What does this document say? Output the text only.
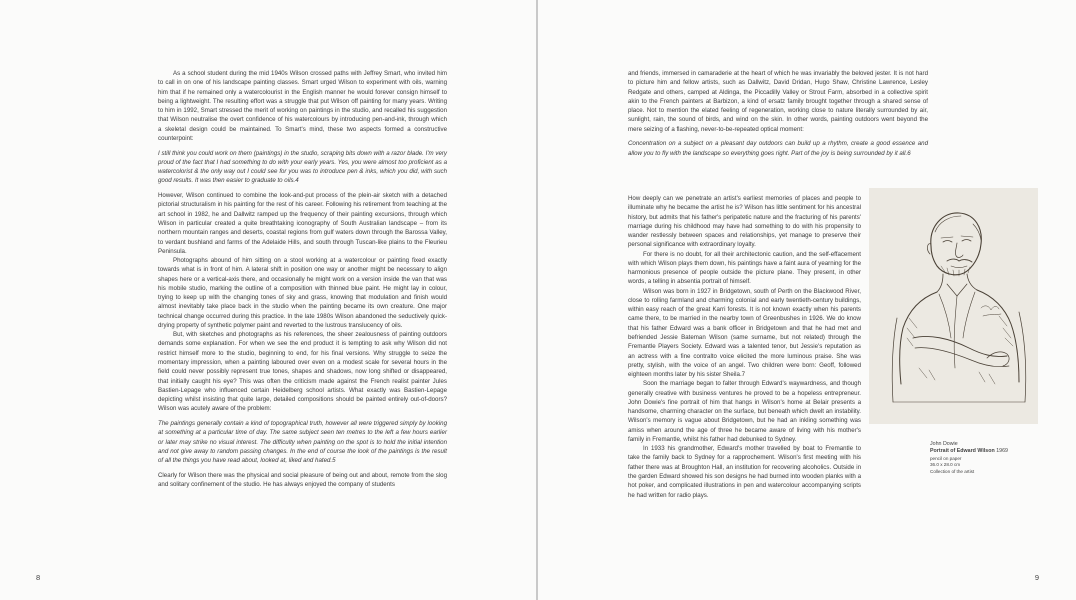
As a school student during the mid 1940s Wilson crossed paths with Jeffrey Smart, who invited him to call in on one of his landscape painting classes. Smart urged Wilson to experiment with oils, warning him that if he remained only a watercolourist in the English manner he would forever consign himself to being a lightweight. The resulting effort was a struggle that put Wilson off painting for many years. Writing to him in 1992, Smart stressed the merit of working on paintings in the studio, and recalled his suggestion that Wilson neutralise the overt confidence of his watercolours by introducing pen-and-ink, through which a skeletal design could be maintained. To Smart's mind, these two aspects formed a constructive counterpoint:

I still think you could work on them (paintings) in the studio, scraping bits down with a razor blade. I'm very proud of the fact that I had something to do with your early years. Yes, you were almost too proficient as a watercolorist & the only way out I could see for you was to introduce pen & inks, which you did, with such good results. It was then easier to graduate to oils.4

However, Wilson continued to combine the look-and-put process of the plein-air sketch with a detached pictorial structuralism in his painting for the rest of his career. Following his retirement from teaching at the art school in 1982, he and Dallwitz ramped up the frequency of their painting excursions, through which Wilson in particular created a quite breathtaking iconography of South Australian landscape – from its northern mountain ranges and deserts, coastal regions from gulf waters down through the Barossa Valley, to verdant bushland and farms of the Adelaide Hills, and south through Tuscan-like plains to the Fleurieu Peninsula.

Photographs abound of him sitting on a stool working at a watercolour or painting fixed exactly towards what is in front of him. A lateral shift in position one way or another might be necessary to align shapes here or a vertical-axis there, and occasionally he might work on a version inside the van that was his mobile studio, marking the outline of a composition with thinned blue paint. He might lay in colour, trying to keep up with the changing tones of sky and grass, knowing that modulation and finish would almost inevitably take place back in the studio when the painting became its own creature. One major technical change occurred during this practice. In the late 1980s Wilson abandoned the seductively quick-drying property of synthetic polymer paint and reverted to the lustrous translucency of oils.

But, with sketches and photographs as his references, the sheer zealousness of painting outdoors demands some explanation. For when we see the end product it is tempting to ask why Wilson did not restrict himself more to the studio, beginning to end, for his final versions. Why struggle to seize the momentary impression, when a painting laboured over even on a modest scale for several hours in the field could never possibly represent true tones, shapes and shadows, now long shifted or disappeared, that initially caught his eye? This was often the criticism made against the French realist painter Jules Bastien-Lepage who influenced certain Heidelberg school artists. What exactly was Bastien-Lepage depicting whilst insisting that quite large, detailed compositions should be painted entirely out-of-doors? Wilson was acutely aware of the problem:

The paintings generally contain a kind of topographical truth, however all were triggered simply by looking at something at a particular time of day. The same subject seen ten metres to the left a few hours earlier or later may strike no visual interest. The difficulty when painting on the spot is to hold the initial intention and not give away to random passing changes. In the end of course the look of the paintings is the result of all the things you have read about, looked at, liked and hated.5

Clearly for Wilson there was the physical and social pleasure of being out and about, remote from the slog and solitary confinement of the studio. He has always enjoyed the company of students

8

and friends, immersed in camaraderie at the heart of which he was invariably the beloved jester. It is not hard to picture him and fellow artists, such as Dallwitz, David Dridan, Hugo Shaw, Christine Lawrence, Lesley Redgate and others, camped at Aldinga, the Piccadilly Valley or Strout Farm, absorbed in a collective spirit akin to the French painters at Barbizon, a kind of ersatz family brought together through a shared sense of place. Not to mention the elated feeling of regeneration, working close to nature literally surrounded by air, sunlight, rain, the sound of birds, and wind on the skin. In other words, painting outdoors went beyond the mere seizing of a flashing, never-to-be-repeated optical moment:

Concentration on a subject on a pleasant day outdoors can build up a rhythm, create a good essence and allow you to fly with the landscape so everything goes right. Part of the joy is being surrounded by it all.6

How deeply can we penetrate an artist's earliest memories of places and people to illuminate why he became the artist he is? Wilson has little sentiment for his ancestral history, but admits that his father's peripatetic nature and the fracturing of his parents' marriage during his childhood may have had something to do with his propensity to wander restlessly between spaces and relationships, yet manage to preserve their personal significance with extraordinary loyalty.

For there is no doubt, for all their architectonic caution, and the self-effacement with which Wilson plays them down, his paintings have a faint aura of yearning for the harmonious presence of people outside the picture plane. They present, in other words, a telling in absentia portrait of himself.

Wilson was born in 1927 in Bridgetown, south of Perth on the Blackwood River, close to rolling farmland and charming colonial and early twentieth-century buildings, within easy reach of the great Karri forests. It is not known exactly when his parents came there, to be married in the nearby town of Greenbushes in 1926. We do know that his father Edward was a bank officer in Bridgetown and that he had met and befriended Jessie Bateman Wilson (same surname, but not related) through the Fremantle Players Society. Edward was a talented tenor, but Jessie's reputation as an actress with a fine contralto voice elicited the more luminous praise. She was pretty, stylish, with the voice of an angel. Two children were born: Geoff, followed eighteen months later by his sister Sheila.7

Soon the marriage began to falter through Edward's waywardness, and though generally creative with business ventures he proved to be a hopeless entrepreneur. John Dowie's fine portrait of him that hangs in Wilson's home at Belair presents a handsome, charming character on the surface, but beneath which dwelt an instability. Wilson's memory is vague about Bridgetown, but he had an inkling something was amiss when around the age of three he became aware of living with his mother's family in Fremantle, whilst his father had debunked to Sydney.

In 1933 his grandmother, Edward's mother travelled by boat to Fremantle to take the family back to Sydney for a rapprochement. Wilson's first meeting with his father there was at Broughton Hall, an institution for recovering alcoholics. Outside in the garden Edward showed his son designs he had burned into wooden planks with a hot poker, and complicated illustrations in pen and watercolour accompanying scripts he had written for radio plays.

John Dowie
Portrait of Edward Wilson 1969
pencil on paper
36.0 x 28.0 cm
Collection of the artist
9
